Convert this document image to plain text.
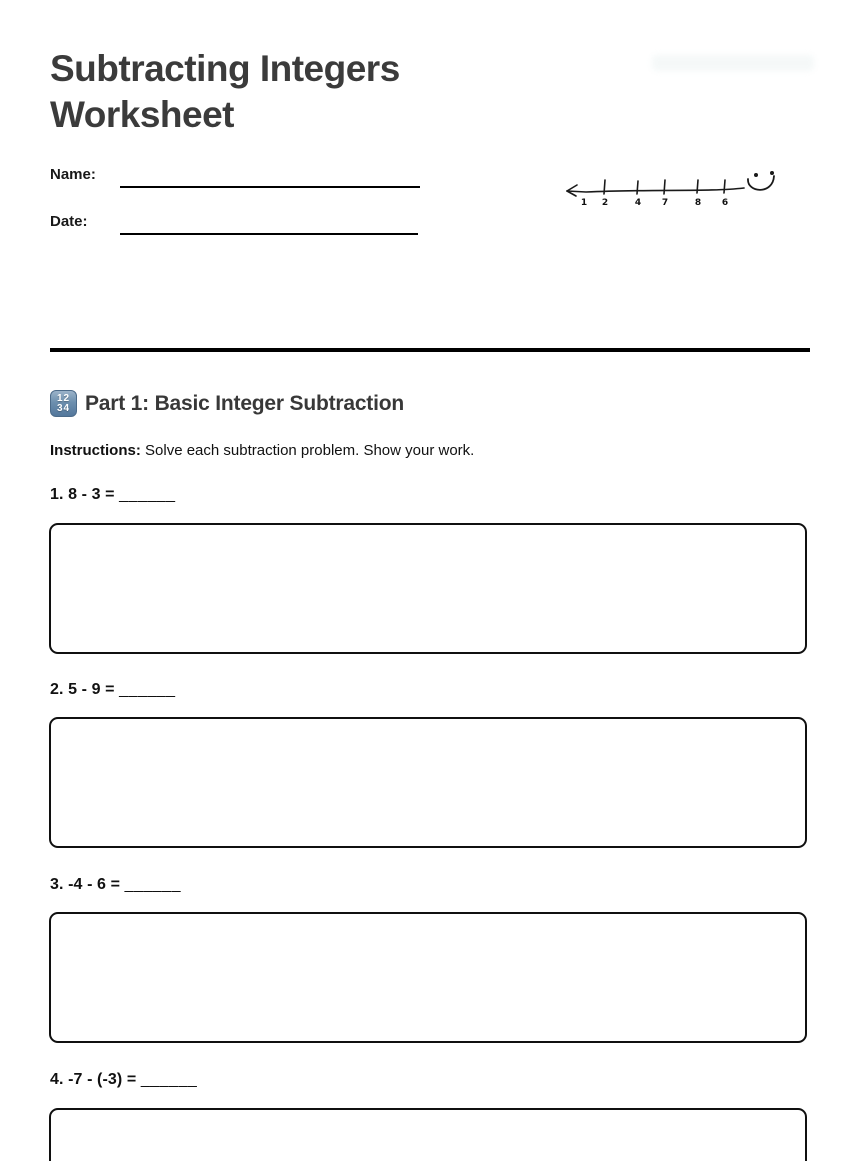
Subtracting Integers Worksheet
Name:
Date:
1 2	4 7	8 6
12
34 Part 1: Basic Integer Subtraction
Instructions: Solve each subtraction problem. Show your work.
1. 8 - 3 = ______
2. 5 - 9 = ______
3. -4 - 6 = ______
4. -7 - (-3) = ______
